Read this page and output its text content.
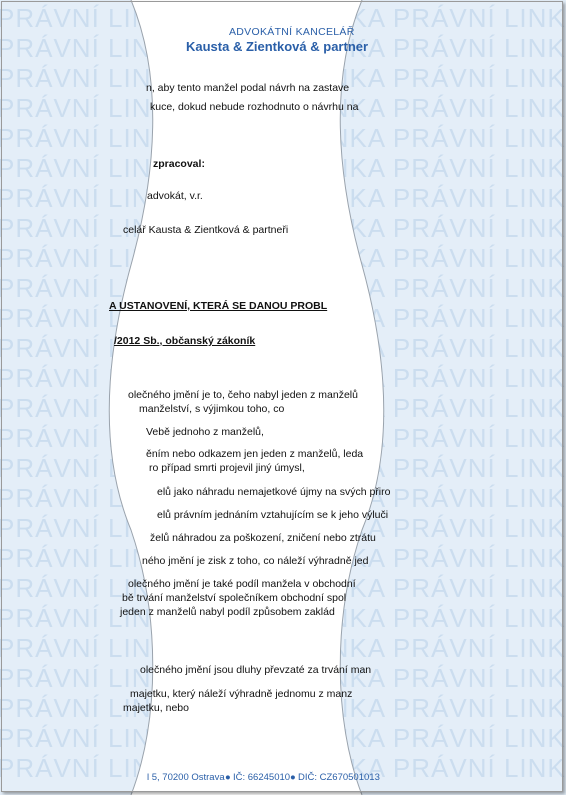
ADVOKÁTNÍ KANCELÁŘ
Kausta & Zientková & partner
n, aby tento manžel podal návrh na zastave
kuce, dokud nebude rozhodnuto o návrhu na
zpracoval:
advokát, v.r.
celář Kausta & Zientková & partneři
A USTANOVENÍ, KTERÁ SE DANOU PROBL
/2012 Sb., občanský zákoník
olečného jmění je to, čeho nabyl jeden z manželů
manželství, s výjimkou toho, co
Vebě jednoho z manželů,
ěním nebo odkazem jen jeden z manželů, leda
ro případ smrti projevil jiný úmysl,
elů jako náhradu nemajetkové újmy na svých přiro
elů právním jednáním vztahujícím se k jeho výluči
želů náhradou za poškození, zničení nebo ztrátu
ného jmění je zisk z toho, co náleží výhradně jed
olečného jmění je také podíl manžela v obchodní
bě trvání manželství společníkem obchodní spol
jeden z manželů nabyl podíl způsobem zaklád
olečného jmění jsou dluhy převzaté za trvání man
majetku, který náleží výhradně jednomu z manz
majetku, nebo
l 5, 70200 Ostrava ● IČ: 66245010 ● DIČ: CZ670501013
